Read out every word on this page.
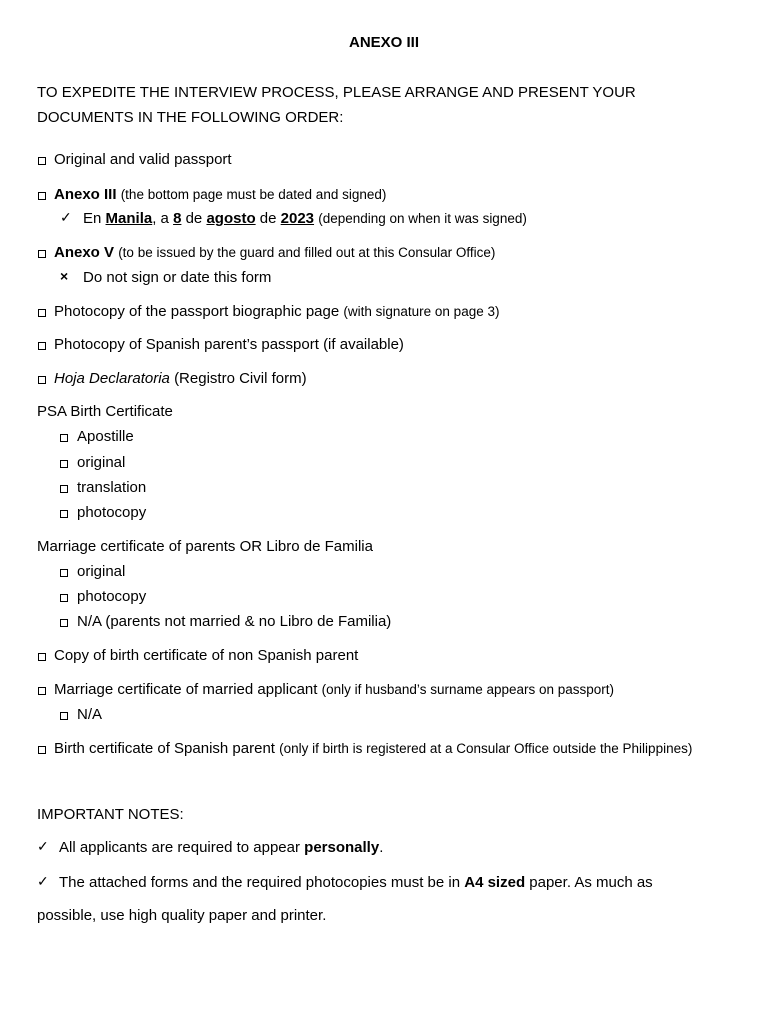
ANEXO III
TO EXPEDITE THE INTERVIEW PROCESS, PLEASE ARRANGE AND PRESENT YOUR
DOCUMENTS IN THE FOLLOWING ORDER:
Original and valid passport
Anexo III (the bottom page must be dated and signed)
✓ En Manila, a 8 de agosto de 2023 (depending on when it was signed)
Anexo V (to be issued by the guard and filled out at this Consular Office)
× Do not sign or date this form
Photocopy of the passport biographic page (with signature on page 3)
Photocopy of Spanish parent’s passport (if available)
Hoja Declaratoria (Registro Civil form)
PSA Birth Certificate
Apostille
original
translation
photocopy
Marriage certificate of parents OR Libro de Familia
original
photocopy
N/A (parents not married & no Libro de Familia)
Copy of birth certificate of non Spanish parent
Marriage certificate of married applicant (only if husband’s surname appears on passport)
N/A
Birth certificate of Spanish parent (only if birth is registered at a Consular Office outside the Philippines)
IMPORTANT NOTES:
✓ All applicants are required to appear personally.
✓ The attached forms and the required photocopies must be in A4 sized paper. As much as
possible, use high quality paper and printer.
